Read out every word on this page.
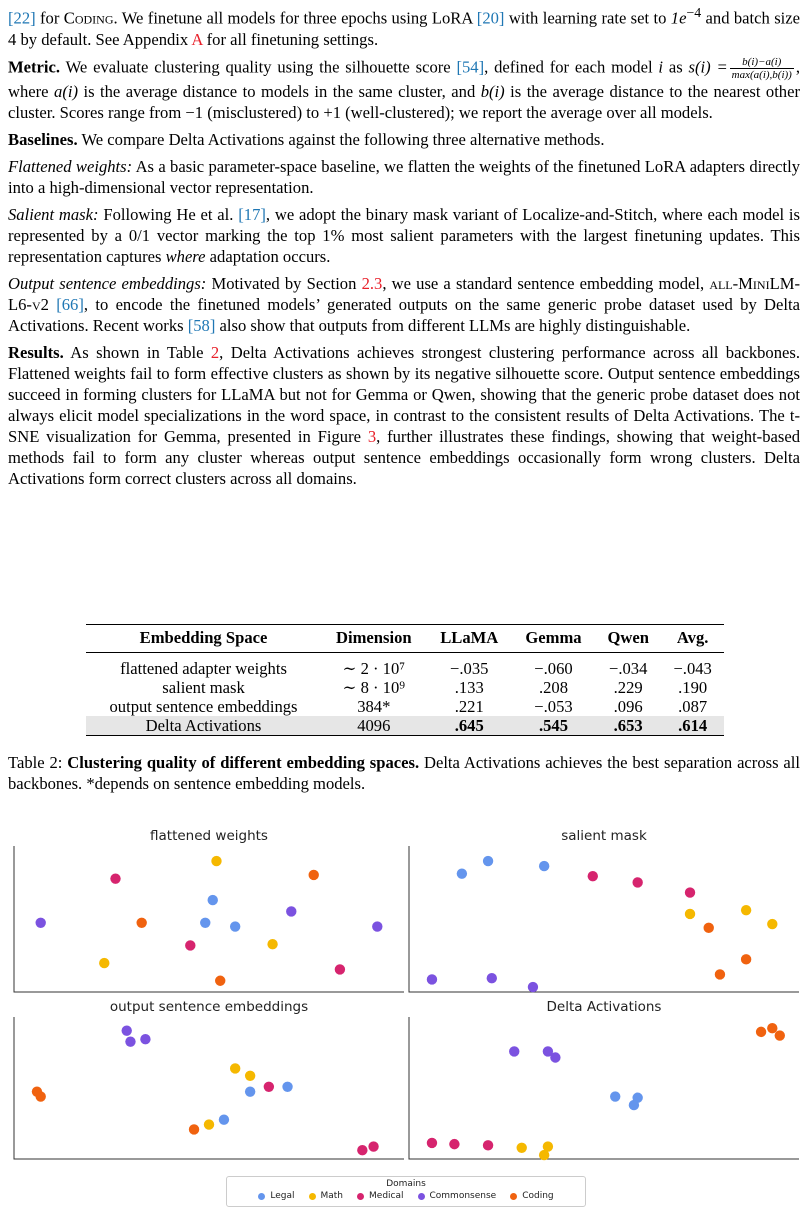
[22] for Coding. We finetune all models for three epochs using LoRA [20] with learning rate set to $1e^{-4}$ and batch size 4 by default. See Appendix A for all finetuning settings.

Metric. We evaluate clustering quality using the silhouette score [54], defined for each model i as $s(i) = \frac{b(i)-a(i)}{\max(a(i),b(i))}$ , where a(i) is the average distance to models in the same cluster, and b(i) is the average distance to the nearest other cluster. Scores range from −1 (misclustered) to +1 (well-clustered); we report the average over all models.

Baselines. We compare Delta Activations against the following three alternative methods.

Flattened weights: As a basic parameter-space baseline, we flatten the weights of the finetuned LoRA adapters directly into a high-dimensional vector representation.

Salient mask: Following He et al. [17], we adopt the binary mask variant of Localize-and-Stitch, where each model is represented by a 0/1 vector marking the top 1% most salient parameters with the largest finetuning updates. This representation captures where adaptation occurs.

Output sentence embeddings: Motivated by Section 2.3, we use a standard sentence embedding model, all-MiniLM-L6-v2 [66], to encode the finetuned models’ generated outputs on the same generic probe dataset used by Delta Activations. Recent works [58] also show that outputs from different LLMs are highly distinguishable.

Results. As shown in Table 2, Delta Activations achieves strongest clustering performance across all backbones. Flattened weights fail to form effective clusters as shown by its negative silhouette score. Output sentence embeddings succeed in forming clusters for LLaMA but not for Gemma or Qwen, showing that the generic probe dataset does not always elicit model specializations in the word space, in contrast to the consistent results of Delta Activations. The t-SNE visualization for Gemma, presented in Figure 3, further illustrates these findings, showing that weight-based methods fail to form any cluster whereas output sentence embeddings occasionally form wrong clusters. Delta Activations form correct clusters across all domains.

Embedding Space	Dimension	LLaMA	Gemma	Qwen	Avg.
flattened adapter weights	∼ 2 · 10⁷	−.035	−.060	−.034	−.043
salient mask	∼ 8 · 10⁹	.133	.208	.229	.190
output sentence embeddings	384*	.221	−.053	.096	.087
Delta Activations	4096	.645	.545	.653	.614

Table 2: Clustering quality of different embedding spaces. Delta Activations achieves the best separation across all backbones. *depends on sentence embedding models.

flattened weights	salient mask
output sentence embeddings	Delta Activations
Domains
Legal	Math	Medical	Commonsense	Coding
